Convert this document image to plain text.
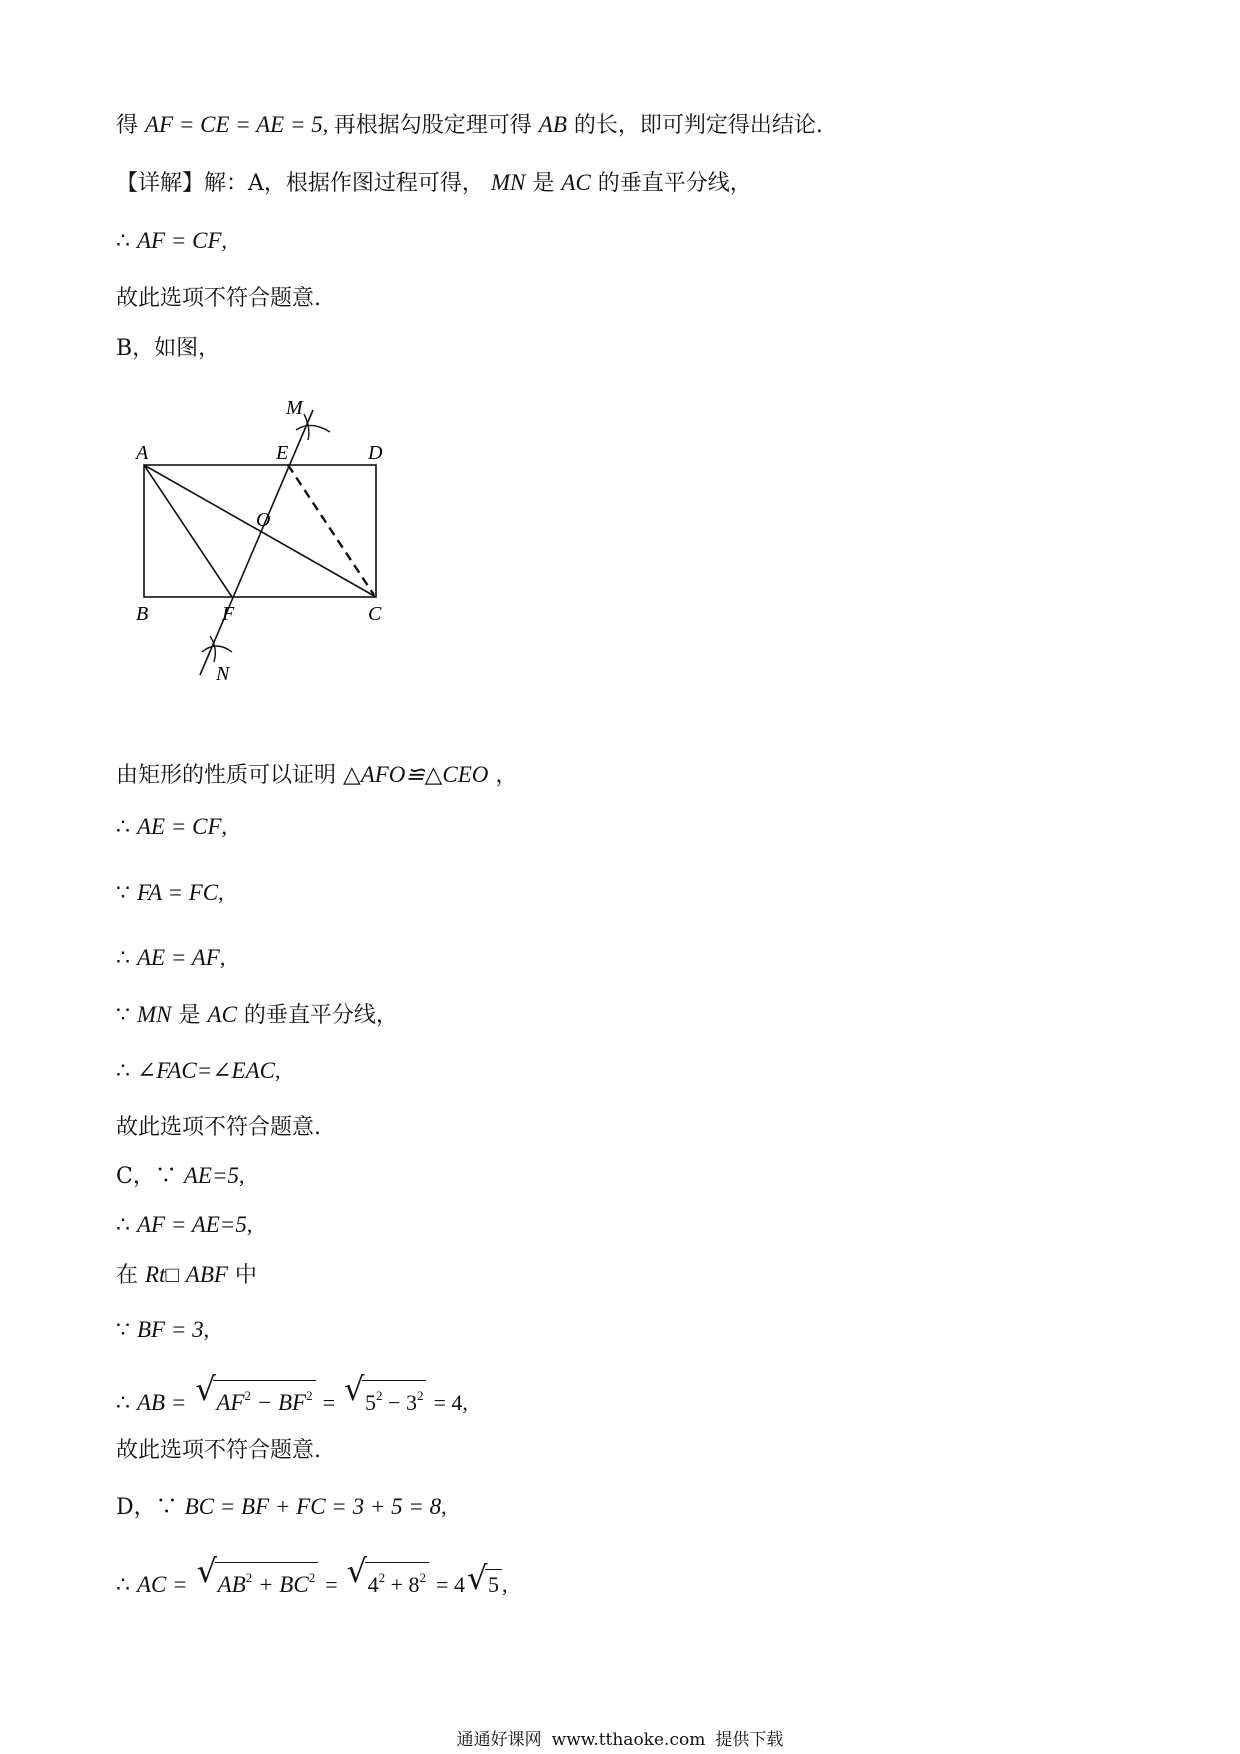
得 AF = CE = AE = 5, 再根据勾股定理可得 AB 的长，即可判定得出结论.
【详解】解：A，根据作图过程可得， MN 是 AC 的垂直平分线，
∴ AF = CF,
故此选项不符合题意.
B，如图，
A	E	D
O
B	F	C
M
N
由矩形的性质可以证明 △AFO≌△CEO ，
∴ AE = CF,
∵ FA = FC,
∴ AE = AF,
∵ MN 是 AC 的垂直平分线，
∴ ∠FAC=∠EAC,
故此选项不符合题意.
C，∵ AE=5,
∴ AF = AE=5,
在 Rt□ ABF 中
∵ BF = 3,
∴ AB = √ $AF^2 - BF^2$ = √ $5^2 - 3^2 = 4$,
故此选项不符合题意.
D，∵ BC = BF + FC = 3 + 5 = 8,
∴ AC = √ $AB^2 + BC^2$ = √ $4^2 + 8^2 = 4√$ 5 ,
通通好课网 www.tthaoke.com 提供下载
